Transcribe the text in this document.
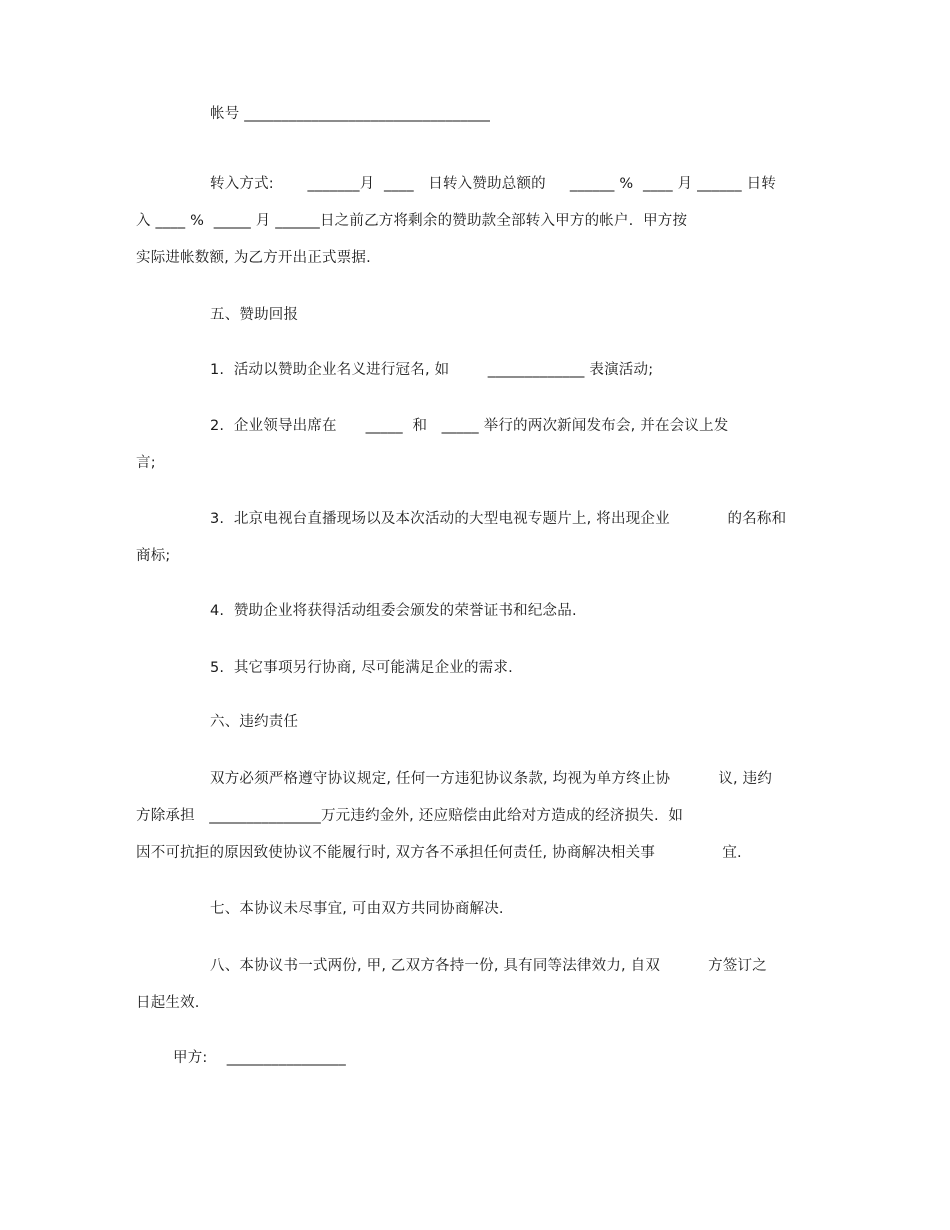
帐号 _________________________________
转入方式:       _______月  ____   日转入赞助总额的     ______ %  ____ 月 ______ 日转
入 ____ %  _____ 月 ______日之前乙方将剩余的赞助款全部转入甲方的帐户.  甲方按
实际进帐数额, 为乙方开出正式票据.
五、赞助回报
1.  活动以赞助企业名义进行冠名, 如        _____________ 表演活动;
2.  企业领导出席在      _____  和   _____ 举行的两次新闻发布会, 并在会议上发
言;
3.  北京电视台直播现场以及本次活动的大型电视专题片上, 将出现企业            的名称和
商标;
4.  赞助企业将获得活动组委会颁发的荣誉证书和纪念品.
5.  其它事项另行协商, 尽可能满足企业的需求.
六、违约责任
双方必须严格遵守协议规定, 任何一方违犯协议条款, 均视为单方终止协          议, 违约
方除承担   _______________万元违约金外, 还应赔偿由此给对方造成的经济损失.  如
因不可抗拒的原因致使协议不能履行时, 双方各不承担任何责任, 协商解决相关事              宜.
七、本协议未尽事宜, 可由双方共同协商解决.
八、本协议书一式两份, 甲, 乙双方各持一份, 具有同等法律效力, 自双          方签订之
日起生效.
甲方:    ________________
